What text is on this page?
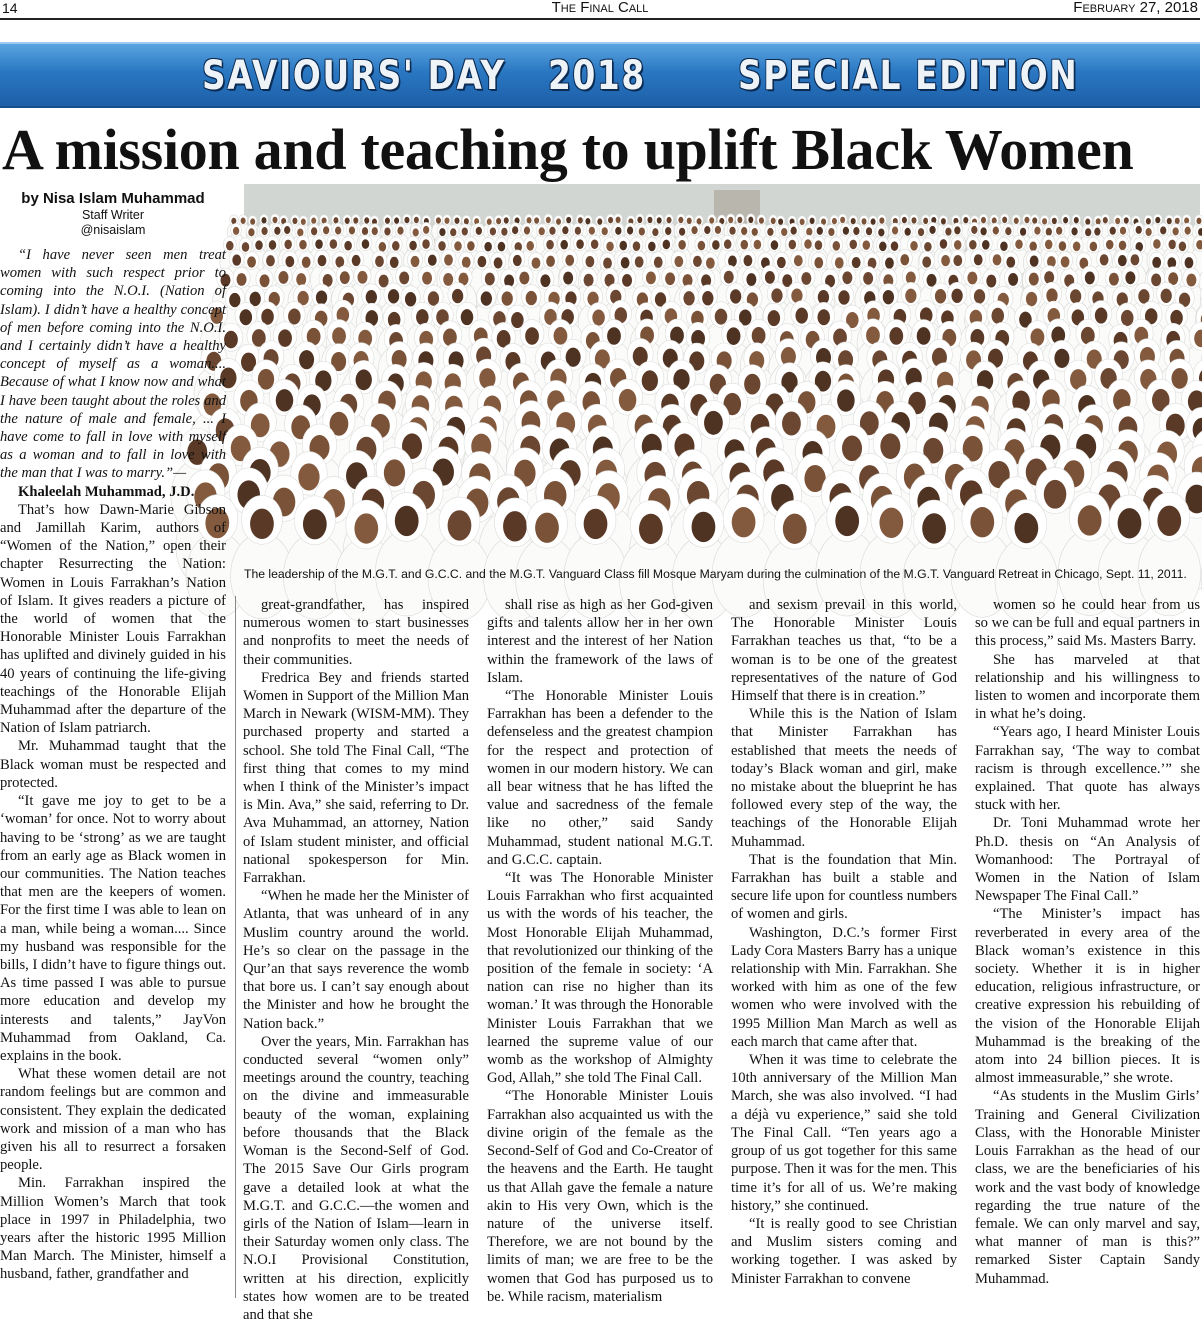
The Final Call
14	February 27, 2018
SAVIOURS' DAY 2018 SPECIAL EDITION
A mission and teaching to uplift Black Women
The leadership of the M.G.T. and G.C.C. and the M.G.T. Vanguard Class fill Mosque Maryam during the culmination of the M.G.T. Vanguard Retreat in Chicago, Sept. 11, 2011.
by Nisa Islam Muhammad
Staff Writer
@nisaislam

“I have never seen men treat women with such respect prior to coming into the N.O.I. (Nation of Islam). I didn’t have a healthy concept of men before coming into the N.O.I. and I certainly didn’t have a healthy concept of myself as a woman.... Because of what I know now and what I have been taught about the roles and the nature of male and female, ... I have come to fall in love with myself as a woman and to fall in love with the man that I was to marry.”—

Khaleelah Muhammad, J.D.

That’s how Dawn-Marie Gibson and Jamillah Karim, authors of “Women of the Nation,” open their chapter Resurrecting the Nation: Women in Louis Farrakhan’s Nation of Islam. It gives readers a picture of the world of women that the Honorable Minister Louis Farrakhan has uplifted and divinely guided in his 40 years of continuing the life-giving teachings of the Honorable Elijah Muhammad after the departure of the Nation of Islam patriarch.

Mr. Muhammad taught that the Black woman must be respected and protected.

“It gave me joy to get to be a ‘woman’ for once. Not to worry about having to be ‘strong’ as we are taught from an early age as Black women in our communities. The Nation teaches that men are the keepers of women. For the first time I was able to lean on a man, while being a woman.... Since my husband was responsible for the bills, I didn’t have to figure things out. As time passed I was able to pursue more education and develop my interests and talents,” JayVon Muhammad from Oakland, Ca. explains in the book.

What these women detail are not random feelings but are common and consistent. They explain the dedicated work and mission of a man who has given his all to resurrect a forsaken people.

Min. Farrakhan inspired the Million Women’s March that took place in 1997 in Philadelphia, two years after the historic 1995 Million Man March. The Minister, himself a husband, father, grandfather and

great-grandfather, has inspired numerous women to start businesses and nonprofits to meet the needs of their communities.

Fredrica Bey and friends started Women in Support of the Million Man March in Newark (WISM-MM). They purchased property and started a school. She told The Final Call, “The first thing that comes to my mind when I think of the Minister’s impact is Min. Ava,” she said, referring to Dr. Ava Muhammad, an attorney, Nation of Islam student minister, and official national spokesperson for Min. Farrakhan.

“When he made her the Minister of Atlanta, that was unheard of in any Muslim country around the world. He’s so clear on the passage in the Qur’an that says reverence the womb that bore us. I can’t say enough about the Minister and how he brought the Nation back.”

Over the years, Min. Farrakhan has conducted several “women only” meetings around the country, teaching on the divine and immeasurable beauty of the woman, explaining before thousands that the Black Woman is the Second-Self of God. The 2015 Save Our Girls program gave a detailed look at what the M.G.T. and G.C.C.—the women and girls of the Nation of Islam—learn in their Saturday women only class. The N.O.I Provisional Constitution, written at his direction, explicitly states how women are to be treated and that she

shall rise as high as her God-given gifts and talents allow her in her own interest and the interest of her Nation within the framework of the laws of Islam.

“The Honorable Minister Louis Farrakhan has been a defender to the defenseless and the greatest champion for the respect and protection of women in our modern history. We can all bear witness that he has lifted the value and sacredness of the female like no other,” said Sandy Muhammad, student national M.G.T. and G.C.C. captain.

“It was The Honorable Minister Louis Farrakhan who first acquainted us with the words of his teacher, the Most Honorable Elijah Muhammad, that revolutionized our thinking of the position of the female in society: ‘A nation can rise no higher than its woman.’ It was through the Honorable Minister Louis Farrakhan that we learned the supreme value of our womb as the workshop of Almighty God, Allah,” she told The Final Call.

“The Honorable Minister Louis Farrakhan also acquainted us with the divine origin of the female as the Second-Self of God and Co-Creator of the heavens and the Earth. He taught us that Allah gave the female a nature akin to His very Own, which is the nature of the universe itself. Therefore, we are not bound by the limits of man; we are free to be the women that God has purposed us to be. While racism, materialism

and sexism prevail in this world, The Honorable Minister Louis Farrakhan teaches us that, “to be a woman is to be one of the greatest representatives of the nature of God Himself that there is in creation.”

While this is the Nation of Islam that Minister Farrakhan has established that meets the needs of today’s Black woman and girl, make no mistake about the blueprint he has followed every step of the way, the teachings of the Honorable Elijah Muhammad.

That is the foundation that Min. Farrakhan has built a stable and secure life upon for countless numbers of women and girls.

Washington, D.C.’s former First Lady Cora Masters Barry has a unique relationship with Min. Farrakhan. She worked with him as one of the few women who were involved with the 1995 Million Man March as well as each march that came after that.

When it was time to celebrate the 10th anniversary of the Million Man March, she was also involved. “I had a déjà vu experience,” said she told The Final Call. “Ten years ago a group of us got together for this same purpose. Then it was for the men. This time it’s for all of us. We’re making history,” she continued.

“It is really good to see Christian and Muslim sisters coming and working together. I was asked by Minister Farrakhan to convene

women so he could hear from us so we can be full and equal partners in this process,” said Ms. Masters Barry.

She has marveled at that relationship and his willingness to listen to women and incorporate them in what he’s doing.

“Years ago, I heard Minister Louis Farrakhan say, ‘The way to combat racism is through excellence.’” she explained. That quote has always stuck with her.

Dr. Toni Muhammad wrote her Ph.D. thesis on “An Analysis of Womanhood: The Portrayal of Women in the Nation of Islam Newspaper The Final Call.”

“The Minister’s impact has reverberated in every area of the Black woman’s existence in this society. Whether it is in higher education, religious infrastructure, or creative expression his rebuilding of the vision of the Honorable Elijah Muhammad is the breaking of the atom into 24 billion pieces. It is almost immeasurable,” she wrote.

“As students in the Muslim Girls’ Training and General Civilization Class, with the Honorable Minister Louis Farrakhan as the head of our class, we are the beneficiaries of his work and the vast body of knowledge regarding the true nature of the female. We can only marvel and say, what manner of man is this?” remarked Sister Captain Sandy Muhammad.
